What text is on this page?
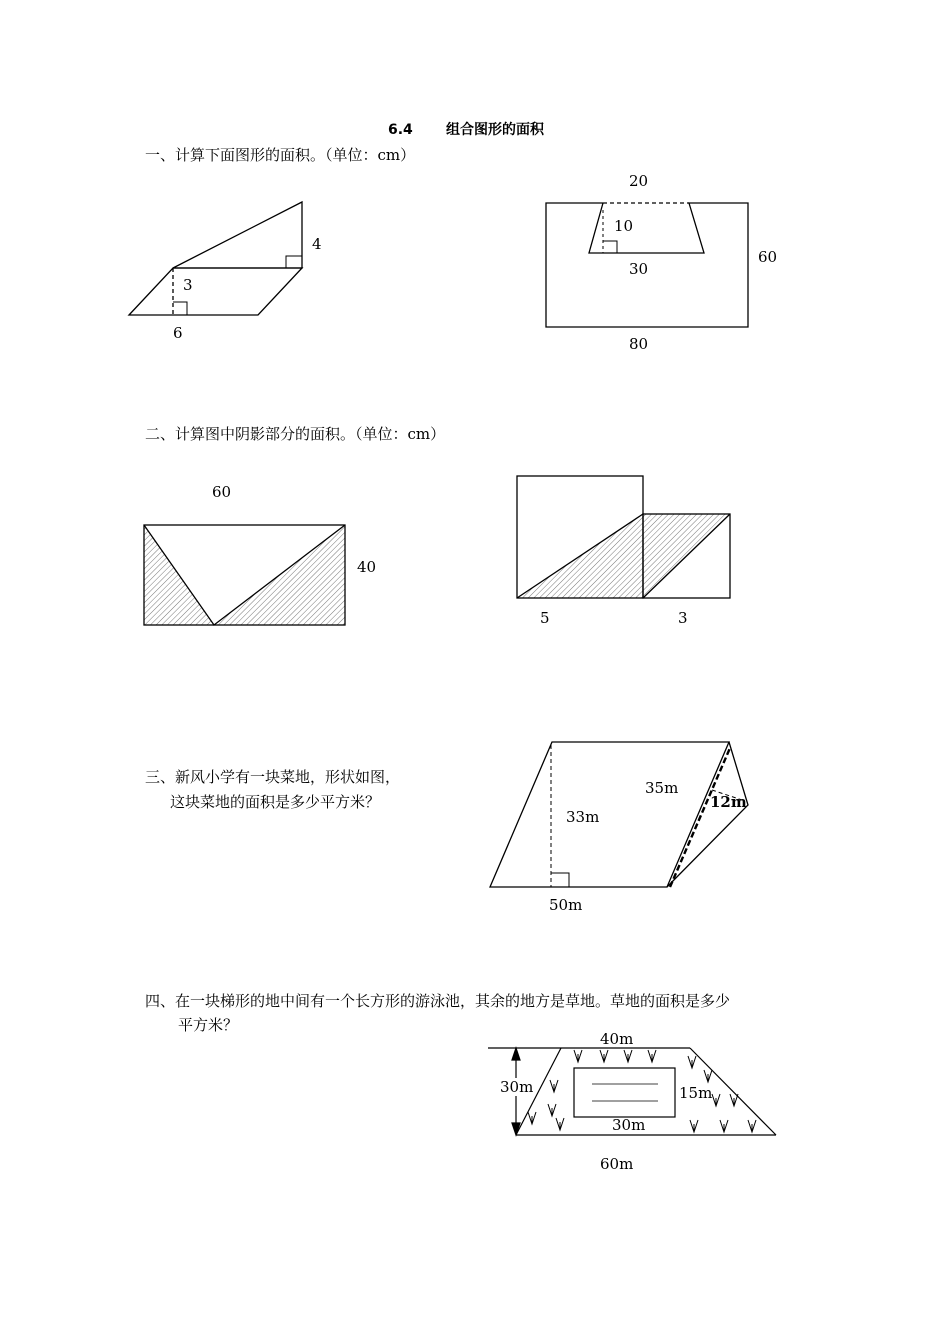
6.4 组合图形的面积
一、计算下面图形的面积。（单位：cm）
二、计算图中阴影部分的面积。（单位：cm）
三、新风小学有一块菜地，形状如图，
这块菜地的面积是多少平方米？
四、在一块梯形的地中间有一个长方形的游泳池，其余的地方是草地。草地的面积是多少
平方米？
4
3
6
20
10
30
60
80
60
40
5	3
35m
12m
33m
50m
40m
30m	15m
30m
60m
